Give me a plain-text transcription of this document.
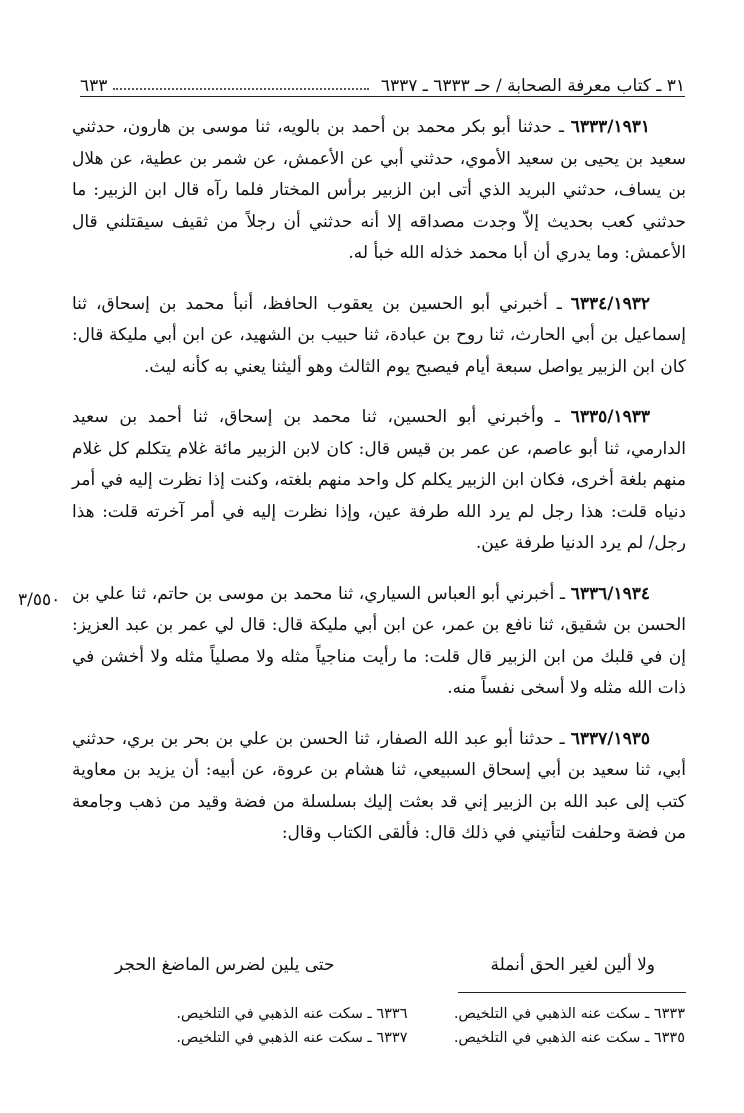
٣١ ـ كتاب معرفة الصحابة / حـ ٦٣٣٣ ـ ٦٣٣٧
٦٣٣

٦٣٣٣/١٩٣١ ـ حدثنا أبو بكر محمد بن أحمد بن بالويه، ثنا موسى بن هارون، حدثني سعيد بن يحيى بن سعيد الأموي، حدثني أبي عن الأعمش، عن شمر بن عطية، عن هلال بن يساف، حدثني البريد الذي أتى ابن الزبير برأس المختار فلما رآه قال ابن الزبير: ما حدثني كعب بحديث إلاّ وجدت مصداقه إلا أنه حدثني أن رجلاً من ثقيف سيقتلني قال الأعمش: وما يدري أن أبا محمد خذله الله خبأ له.

٦٣٣٤/١٩٣٢ ـ أخبرني أبو الحسين بن يعقوب الحافظ، أنبأ محمد بن إسحاق، ثنا إسماعيل بن أبي الحارث، ثنا روح بن عبادة، ثنا حبيب بن الشهيد، عن ابن أبي مليكة قال: كان ابن الزبير يواصل سبعة أيام فيصبح يوم الثالث وهو أليثنا يعني به كأنه ليث.

٦٣٣٥/١٩٣٣ ـ وأخبرني أبو الحسين، ثنا محمد بن إسحاق، ثنا أحمد بن سعيد الدارمي، ثنا أبو عاصم، عن عمر بن قيس قال: كان لابن الزبير مائة غلام يتكلم كل غلام منهم بلغة أخرى، فكان ابن الزبير يكلم كل واحد منهم بلغته، وكنت إذا نظرت إليه في أمر دنياه قلت: هذا رجل لم يرد الله طرفة عين، وإذا نظرت إليه في أمر آخرته قلت: هذا رجل/ لم يرد الدنيا طرفة عين.

٦٣٣٦/١٩٣٤ ـ أخبرني أبو العباس السياري، ثنا محمد بن موسى بن حاتم، ثنا علي بن الحسن بن شقيق، ثنا نافع بن عمر، عن ابن أبي مليكة قال: قال لي عمر بن عبد العزيز: إن في قلبك من ابن الزبير قال قلت: ما رأيت مناجياً مثله ولا مصلياً مثله ولا أخشن في ذات الله مثله ولا أسخى نفساً منه.

٦٣٣٧/١٩٣٥ ـ حدثنا أبو عبد الله الصفار، ثنا الحسن بن علي بن بحر بن بري، حدثني أبي، ثنا سعيد بن أبي إسحاق السبيعي، ثنا هشام بن عروة، عن أبيه: أن يزيد بن معاوية كتب إلى عبد الله بن الزبير إني قد بعثت إليك بسلسلة من فضة وقيد من ذهب وجامعة من فضة وحلفت لتأتيني في ذلك قال: فألقى الكتاب وقال:

٣/٥٥٠
ولا ألين لغير الحق أنملة
حتى يلين لضرس الماضغ الحجر
٦٣٣٣ ـ سكت عنه الذهبي في التلخيص.
٦٣٣٦ ـ سكت عنه الذهبي في التلخيص.
٦٣٣٥ ـ سكت عنه الذهبي في التلخيص.
٦٣٣٧ ـ سكت عنه الذهبي في التلخيص.
